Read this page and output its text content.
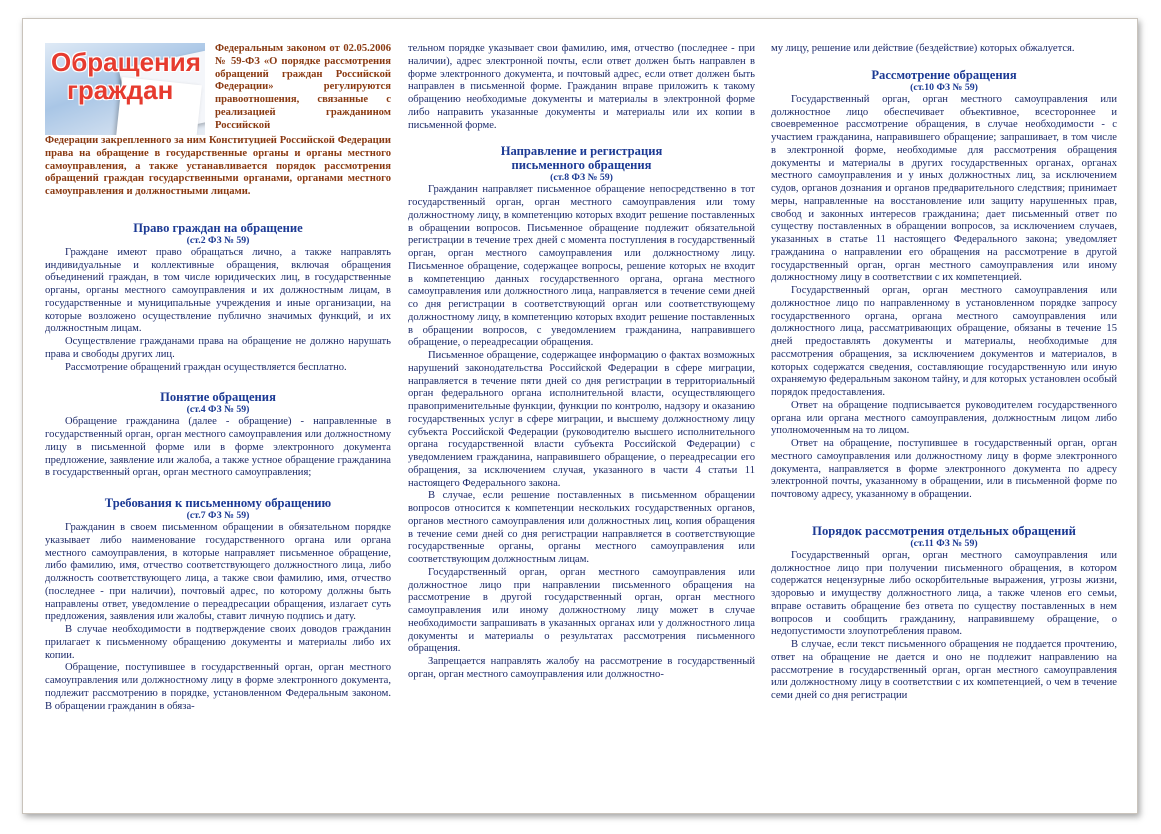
Обращения
граждан
Федеральным законом от 02.05.2006 № 59-ФЗ «О порядке рассмотрения обращений граждан Российской Федерации» регулируются правоотношения, связанные с реализацией гражданином Российской
Федерации закрепленного за ним Конституцией Российской Федерации права на обращение в государственные органы и органы местного самоуправления, а также устанавливается порядок рассмотрения обращений граждан государственными органами, органами местного самоуправления и должностными лицами.

Право граждан на обращение

(ст.2 ФЗ № 59)

Граждане имеют право обращаться лично, а также направлять индивидуальные и коллективные обращения, включая обращения объединений граждан, в том числе юридических лиц, в государственные органы, органы местного самоуправления и их должностным лицам, в государственные и муниципальные учреждения и иные организации, на которые возложено осуществление публично значимых функций, и их должностным лицам.

Осуществление гражданами права на обращение не должно нарушать права и свободы других лиц.

Рассмотрение обращений граждан осуществляется бесплатно.

Понятие обращения

(ст.4 ФЗ № 59)

Обращение гражданина (далее - обращение) - направленные в государственный орган, орган местного самоуправления или должностному лицу в письменной форме или в форме электронного документа предложение, заявление или жалоба, а также устное обращение гражданина в государственный орган, орган местного самоуправления;

Требования к письменному обращению

(ст.7 ФЗ № 59)

Гражданин в своем письменном обращении в обязательном порядке указывает либо наименование государственного органа или органа местного самоуправления, в которые направляет письменное обращение, либо фамилию, имя, отчество соответствующего должностного лица, либо должность соответствующего лица, а также свои фамилию, имя, отчество (последнее - при наличии), почтовый адрес, по которому должны быть направлены ответ, уведомление о переадресации обращения, излагает суть предложения, заявления или жалобы, ставит личную подпись и дату.

В случае необходимости в подтверждение своих доводов гражданин прилагает к письменному обращению документы и материалы либо их копии.

Обращение, поступившее в государственный орган, орган местного самоуправления или должностному лицу в форме электронного документа, подлежит рассмотрению в порядке, установленном Федеральным законом. В обращении гражданин в обяза-

тельном порядке указывает свои фамилию, имя, отчество (последнее - при наличии), адрес электронной почты, если ответ должен быть направлен в форме электронного документа, и почтовый адрес, если ответ должен быть направлен в письменной форме. Гражданин вправе приложить к такому обращению необходимые документы и материалы в электронной форме либо направить указанные документы и материалы или их копии в письменной форме.

Направление и регистрация

письменного обращения

(ст.8 ФЗ № 59)

Гражданин направляет письменное обращение непосредственно в тот государственный орган, орган местного самоуправления или тому должностному лицу, в компетенцию которых входит решение поставленных в обращении вопросов. Письменное обращение подлежит обязательной регистрации в течение трех дней с момента поступления в государственный орган, орган местного самоуправления или должностному лицу. Письменное обращение, содержащее вопросы, решение которых не входит в компетенцию данных государственного органа, органа местного самоуправления или должностного лица, направляется в течение семи дней со дня регистрации в соответствующий орган или соответствующему должностному лицу, в компетенцию которых входит решение поставленных в обращении вопросов, с уведомлением гражданина, направившего обращение, о переадресации обращения.

Письменное обращение, содержащее информацию о фактах возможных нарушений законодательства Российской Федерации в сфере миграции, направляется в течение пяти дней со дня регистрации в территориальный орган федерального органа исполнительной власти, осуществляющего правоприменительные функции, функции по контролю, надзору и оказанию государственных услуг в сфере миграции, и высшему должностному лицу субъекта Российской Федерации (руководителю высшего исполнительного органа государственной власти субъекта Российской Федерации) с уведомлением гражданина, направившего обращение, о переадресации его обращения, за исключением случая, указанного в части 4 статьи 11 настоящего Федерального закона.

В случае, если решение поставленных в письменном обращении вопросов относится к компетенции нескольких государственных органов, органов местного самоуправления или должностных лиц, копия обращения в течение семи дней со дня регистрации направляется в соответствующие государственные органы, органы местного самоуправления или соответствующим должностным лицам.

Государственный орган, орган местного самоуправления или должностное лицо при направлении письменного обращения на рассмотрение в другой государственный орган, орган местного самоуправления или иному должностному лицу может в случае необходимости запрашивать в указанных органах или у должностного лица документы и материалы о результатах рассмотрения письменного обращения.

Запрещается направлять жалобу на рассмотрение в государственный орган, орган местного самоуправления или должностно-

му лицу, решение или действие (бездействие) которых обжалуется.

Рассмотрение обращения

(ст.10 ФЗ № 59)

Государственный орган, орган местного самоуправления или должностное лицо обеспечивает объективное, всестороннее и своевременное рассмотрение обращения, в случае необходимости - с участием гражданина, направившего обращение; запрашивает, в том числе в электронной форме, необходимые для рассмотрения обращения документы и материалы в других государственных органах, органах местного самоуправления и у иных должностных лиц, за исключением судов, органов дознания и органов предварительного следствия; принимает меры, направленные на восстановление или защиту нарушенных прав, свобод и законных интересов гражданина; дает письменный ответ по существу поставленных в обращении вопросов, за исключением случаев, указанных в статье 11 настоящего Федерального закона; уведомляет гражданина о направлении его обращения на рассмотрение в другой государственный орган, орган местного самоуправления или иному должностному лицу в соответствии с их компетенцией.

Государственный орган, орган местного самоуправления или должностное лицо по направленному в установленном порядке запросу государственного органа, органа местного самоуправления или должностного лица, рассматривающих обращение, обязаны в течение 15 дней предоставлять документы и материалы, необходимые для рассмотрения обращения, за исключением документов и материалов, в которых содержатся сведения, составляющие государственную или иную охраняемую федеральным законом тайну, и для которых установлен особый порядок предоставления.

Ответ на обращение подписывается руководителем государственного органа или органа местного самоуправления, должностным лицом либо уполномоченным на то лицом.

Ответ на обращение, поступившее в государственный орган, орган местного самоуправления или должностному лицу в форме электронного документа, направляется в форме электронного документа по адресу электронной почты, указанному в обращении, или в письменной форме по почтовому адресу, указанному в обращении.

Порядок рассмотрения отдельных обращений

(ст.11 ФЗ № 59)

Государственный орган, орган местного самоуправления или должностное лицо при получении письменного обращения, в котором содержатся нецензурные либо оскорбительные выражения, угрозы жизни, здоровью и имуществу должностного лица, а также членов его семьи, вправе оставить обращение без ответа по существу поставленных в нем вопросов и сообщить гражданину, направившему обращение, о недопустимости злоупотребления правом.

В случае, если текст письменного обращения не поддается прочтению, ответ на обращение не дается и оно не подлежит направлению на рассмотрение в государственный орган, орган местного самоуправления или должностному лицу в соответствии с их компетенцией, о чем в течение семи дней со дня регистрации
